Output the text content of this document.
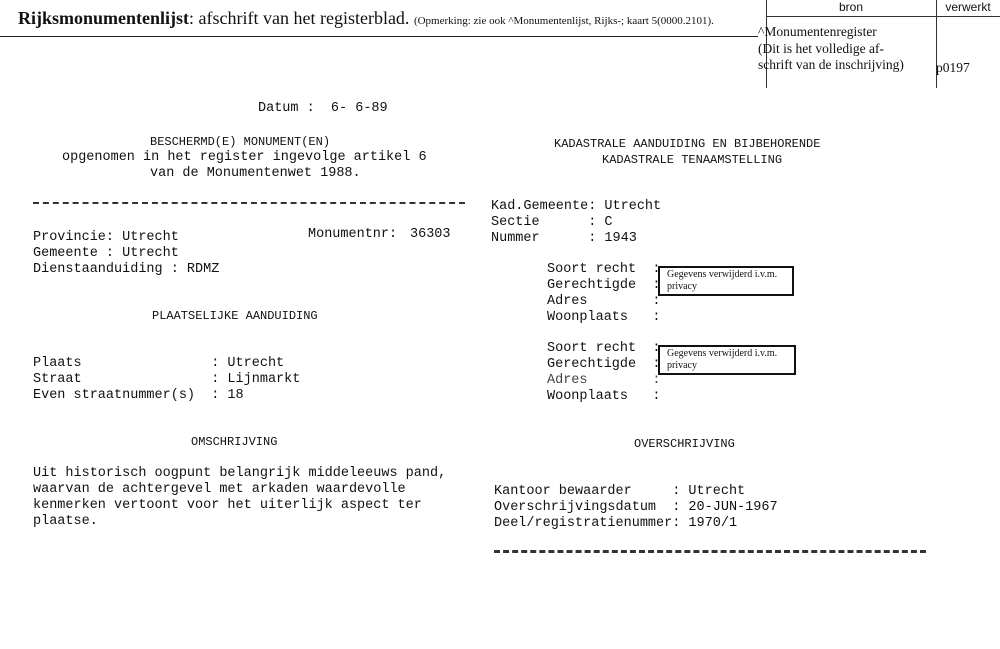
Rijksmonumentenlijst: afschrift van het registerblad. (Opmerking: zie ook ^Monumentenlijst, Rijks-; kaart 5(0000.2101).
bron	verwerkt
^Monumentenregister
(Dit is het volledige af-
schrift van de inschrijving) p0197
Datum :  6- 6-89
BESCHERMD(E) MONUMENT(EN)
opgenomen in het register ingevolge artikel 6
van de Monumentenwet 1988.
Provincie: Utrecht	Monumentnr: 36303
Gemeente : Utrecht
Dienstaanduiding : RDMZ
PLAATSELIJKE AANDUIDING
Plaats                : Utrecht
Straat                : Lijnmarkt
Even straatnummer(s)  : 18
OMSCHRIJVING
Uit historisch oogpunt belangrijk middeleeuws pand,
waarvan de achtergevel met arkaden waardevolle
kenmerken vertoont voor het uiterlijk aspect ter
plaatse.
KADASTRALE AANDUIDING EN BIJBEHORENDE
KADASTRALE TENAAMSTELLING
Kad.Gemeente: Utrecht
Sectie      : C
Nummer      : 1943
Soort recht  :
Gerechtigde  :
Adres        :
Woonplaats   :
Gegevens verwijderd i.v.m. privacy
Soort recht  :
Gerechtigde  :
Adres        :
Woonplaats   :
Gegevens verwijderd i.v.m. privacy
OVERSCHRIJVING
Kantoor bewaarder     : Utrecht
Overschrijvingsdatum  : 20-JUN-1967
Deel/registratienummer: 1970/1
